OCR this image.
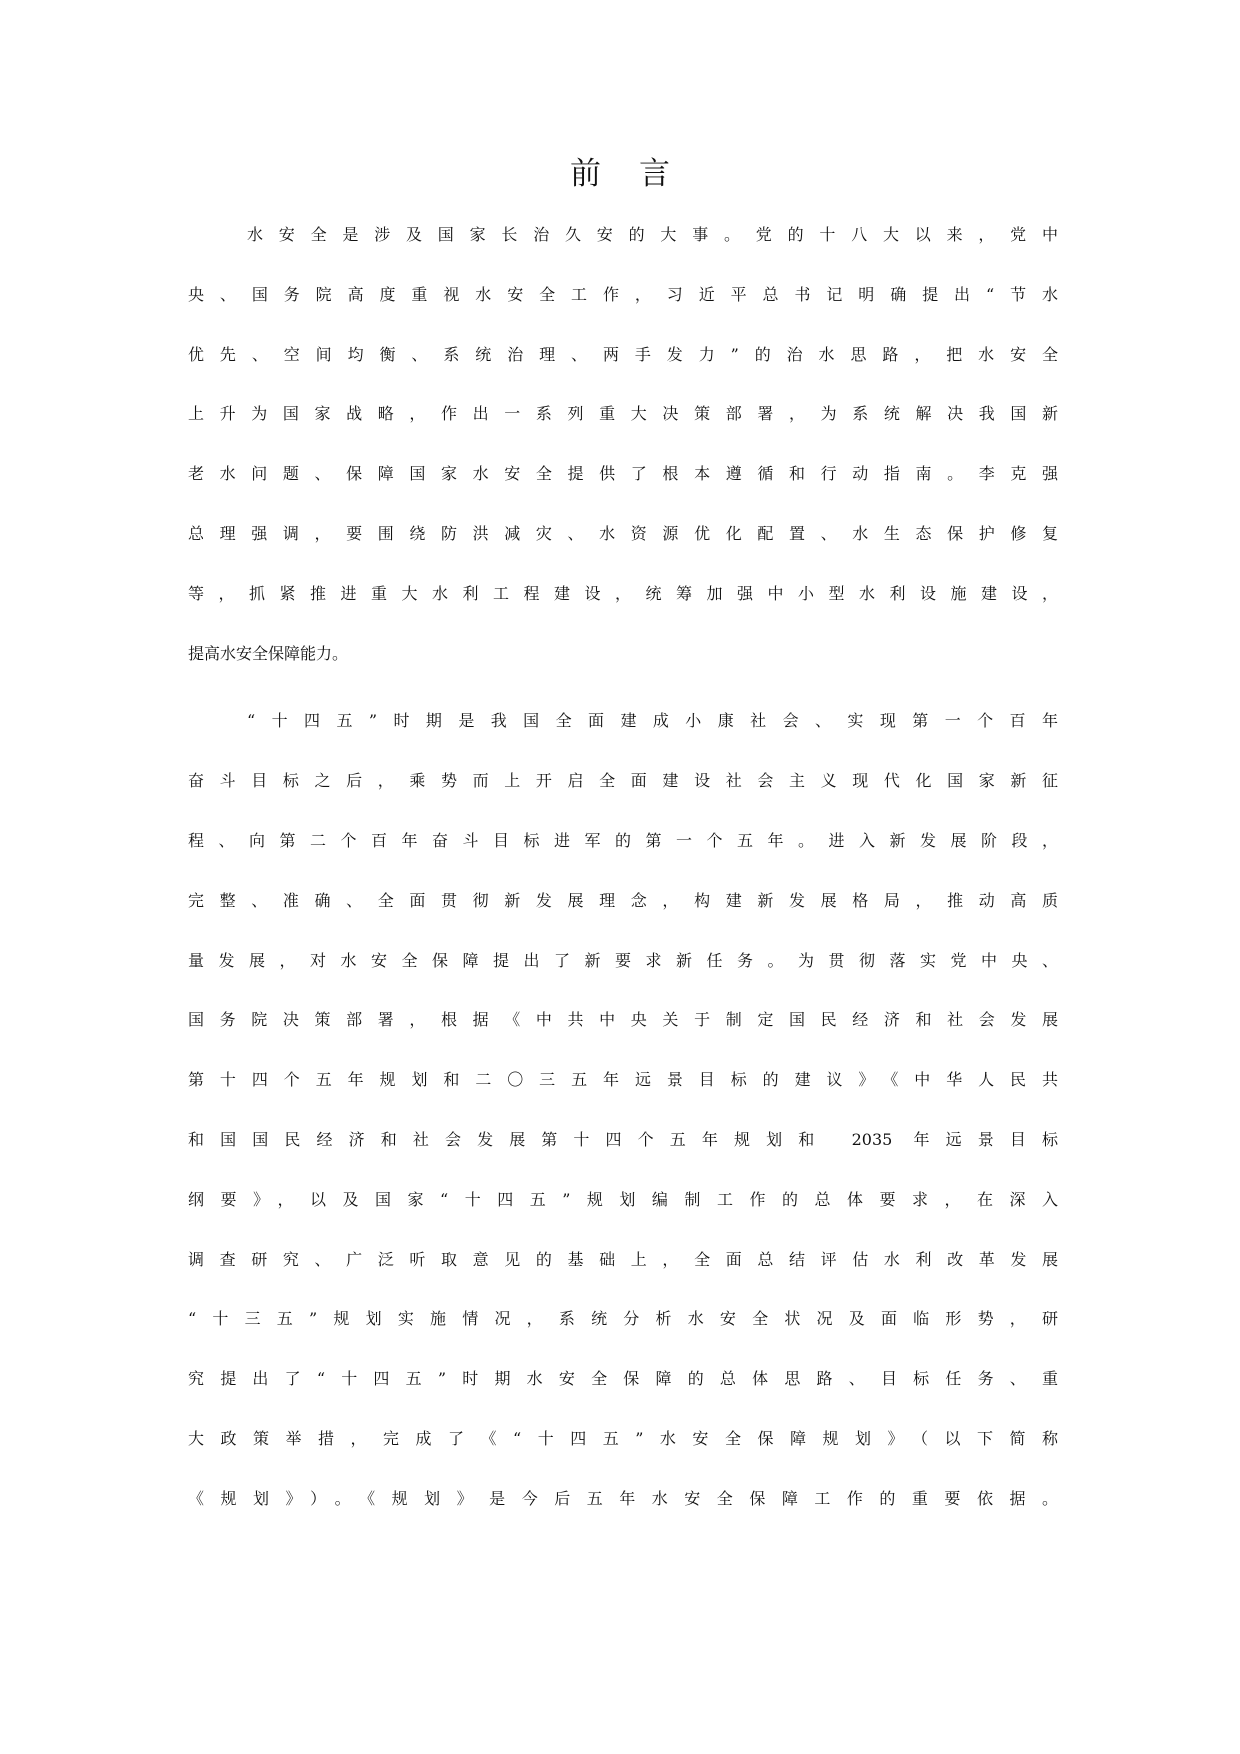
前 言
水安全是涉及国家长治久安的大事。党的十八大以来，党中
央、国务院高度重视水安全工作，习近平总书记明确提出“节水
优先、空间均衡、系统治理、两手发力”的治水思路，把水安全
上升为国家战略，作出一系列重大决策部署，为系统解决我国新
老水问题、保障国家水安全提供了根本遵循和行动指南。李克强
总理强调，要围绕防洪减灾、水资源优化配置、水生态保护修复
等，抓紧推进重大水利工程建设，统筹加强中小型水利设施建设，
提高水安全保障能力。
“十四五”时期是我国全面建成小康社会、实现第一个百年
奋斗目标之后，乘势而上开启全面建设社会主义现代化国家新征
程、向第二个百年奋斗目标进军的第一个五年。进入新发展阶段，
完整、准确、全面贯彻新发展理念，构建新发展格局，推动高质
量发展，对水安全保障提出了新要求新任务。为贯彻落实党中央、
国务院决策部署，根据《中共中央关于制定国民经济和社会发展
第十四个五年规划和二〇三五年远景目标的建议》《中华人民共
和国国民经济和社会发展第十四个五年规划和 2035 年远景目标
纲要》，以及国家“十四五”规划编制工作的总体要求，在深入
调查研究、广泛听取意见的基础上，全面总结评估水利改革发展
“十三五”规划实施情况，系统分析水安全状况及面临形势，研
究提出了“十四五”时期水安全保障的总体思路、目标任务、重
大政策举措，完成了《“十四五”水安全保障规划》（以下简称
《规划》）。《规划》是今后五年水安全保障工作的重要依据。
